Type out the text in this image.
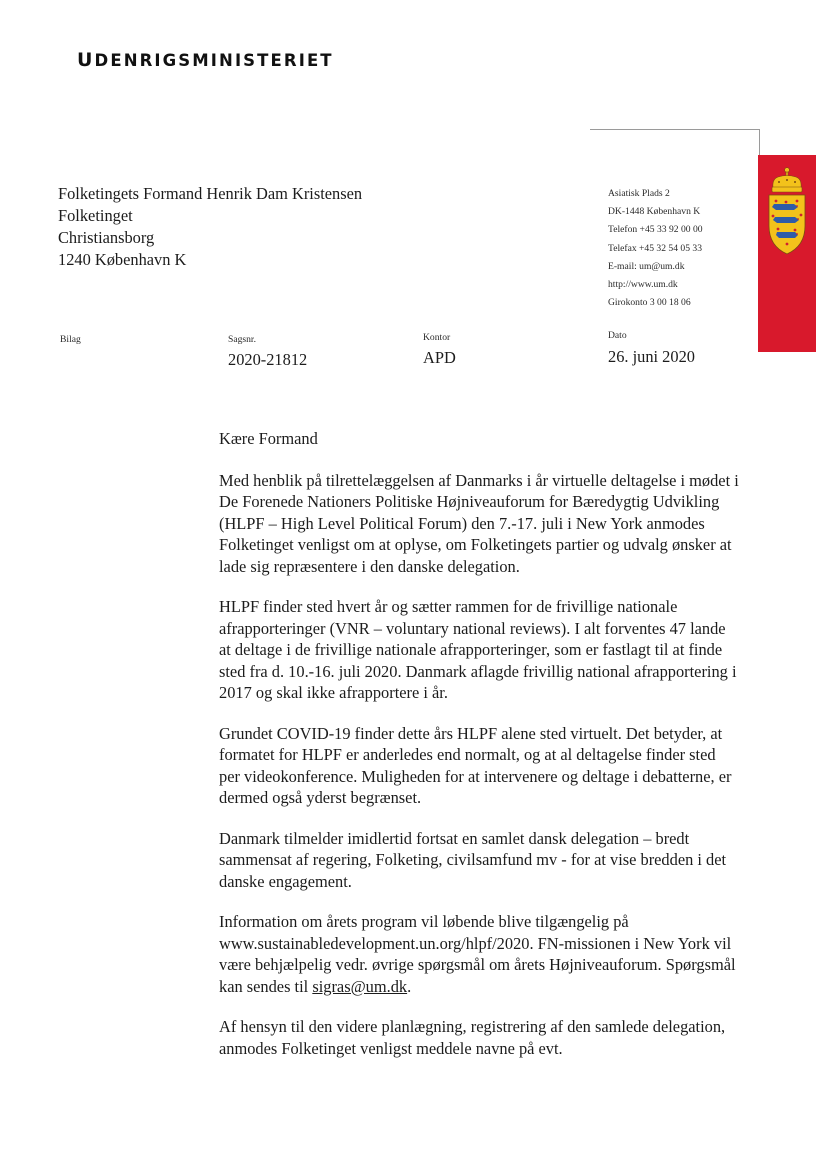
UDENRIGSMINISTERIET
Folketingets Formand Henrik Dam Kristensen
Folketinget
Christiansborg
1240 København K
Asiatisk Plads 2
DK-1448 København K
Telefon +45 33 92 00 00
Telefax +45 32 54 05 33
E-mail: um@um.dk
http://www.um.dk
Girokonto 3 00 18 06
Bilag	Sagsnr.
2020-21812
Kontor
APD
Dato
26. juni 2020

Kære Formand

Med henblik på tilrettelæggelsen af Danmarks i år virtuelle deltagelse i mødet i De Forenede Nationers Politiske Højniveauforum for Bæredygtig Udvikling (HLPF – High Level Political Forum) den 7.-17. juli i New York anmodes Folketinget venligst om at oplyse, om Folketingets partier og udvalg ønsker at lade sig repræsentere i den danske delegation.

HLPF finder sted hvert år og sætter rammen for de frivillige nationale afrapporteringer (VNR – voluntary national reviews). I alt forventes 47 lande at deltage i de frivillige nationale afrapporteringer, som er fastlagt til at finde sted fra d. 10.-16. juli 2020. Danmark aflagde frivillig national afrapportering i 2017 og skal ikke afrapportere i år.

Grundet COVID-19 finder dette års HLPF alene sted virtuelt. Det betyder, at formatet for HLPF er anderledes end normalt, og at al deltagelse finder sted per videokonference. Muligheden for at intervenere og deltage i debatterne, er dermed også yderst begrænset.

Danmark tilmelder imidlertid fortsat en samlet dansk delegation – bredt sammensat af regering, Folketing, civilsamfund mv - for at vise bredden i det danske engagement.

Information om årets program vil løbende blive tilgængelig på www.sustainabledevelopment.un.org/hlpf/2020. FN-missionen i New York vil være behjælpelig vedr. øvrige spørgsmål om årets Højniveauforum. Spørgsmål kan sendes til sigras@um.dk.

Af hensyn til den videre planlægning, registrering af den samlede delegation, anmodes Folketinget venligst meddele navne på evt.
